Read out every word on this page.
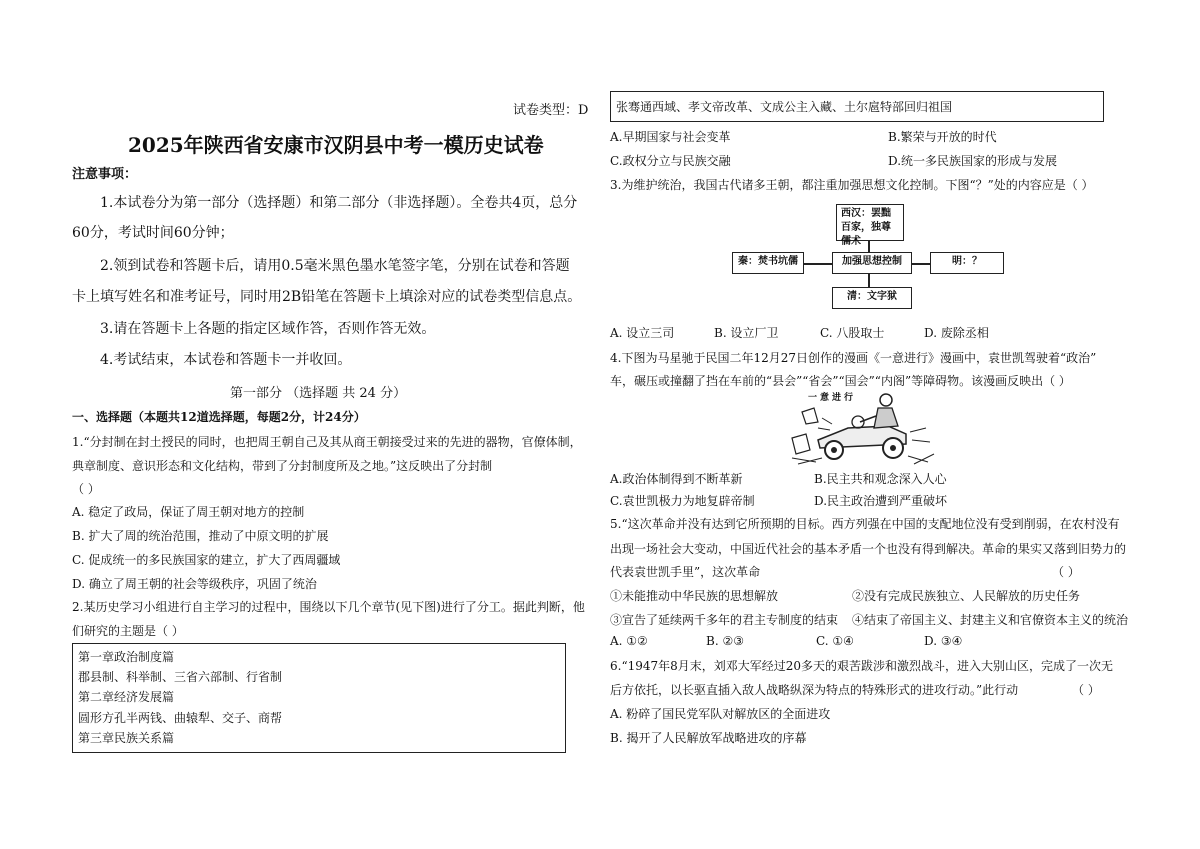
试卷类型：D
2025年陕西省安康市汉阴县中考一模历史试卷
注意事项：
1.本试卷分为第一部分（选择题）和第二部分（非选择题）。全卷共4页，总分
60分，考试时间60分钟；
2.领到试卷和答题卡后，请用0.5毫米黑色墨水笔签字笔，分别在试卷和答题
卡上填写姓名和准考证号，同时用2B铅笔在答题卡上填涂对应的试卷类型信息点。
3.请在答题卡上各题的指定区域作答，否则作答无效。
4.考试结束，本试卷和答题卡一并收回。
第一部分 （选择题 共 24 分）
一、选择题（本题共12道选择题，每题2分，计24分）
1.“分封制在封土授民的同时，也把周王朝自己及其从商王朝接受过来的先进的器物，官僚体制，
典章制度、意识形态和文化结构，带到了分封制度所及之地。”这反映出了分封制
（ ）
A. 稳定了政局，保证了周王朝对地方的控制
B. 扩大了周的统治范围，推动了中原文明的扩展
C. 促成统一的多民族国家的建立，扩大了西周疆域
D. 确立了周王朝的社会等级秩序，巩固了统治
2.某历史学习小组进行自主学习的过程中，围绕以下几个章节(见下图)进行了分工。据此判断，他
们研究的主题是（ ）
第一章政治制度篇
郡县制、科举制、三省六部制、行省制
第二章经济发展篇
圆形方孔半两钱、曲辕犁、交子、商帮
第三章民族关系篇
张骞通西域、孝文帝改革、文成公主入藏、土尔扈特部回归祖国
A.早期国家与社会变革	B.繁荣与开放的时代
C.政权分立与民族交融	D.统一多民族国家的形成与发展
3.为维护统治，我国古代诸多王朝，都注重加强思想文化控制。下图“？”处的内容应是（ ）
西汉：罢黜百家，独尊儒术
加强思想控制
秦：焚书坑儒	明：？
清：文字狱
A. 设立三司	B. 设立厂卫	C. 八股取士	D. 废除丞相
4.下图为马星驰于民国二年12月27日创作的漫画《一意进行》漫画中，袁世凯驾驶着“政治”
车，碾压或撞翻了挡在车前的“县会”“省会”“国会”“内阁”等障碍物。该漫画反映出（ ）
一意进行
A.政治体制得到不断革新	B.民主共和观念深入人心
C.袁世凯极力为地复辟帝制	D.民主政治遭到严重破坏
5.“这次革命并没有达到它所预期的目标。西方列强在中国的支配地位没有受到削弱，在农村没有
出现一场社会大变动，中国近代社会的基本矛盾一个也没有得到解决。革命的果实又落到旧势力的
代表袁世凯手里”，这次革命	（ ）
①未能推动中华民族的思想解放	②没有完成民族独立、人民解放的历史任务
③宣告了延续两千多年的君主专制度的结束 ④结束了帝国主义、封建主义和官僚资本主义的统治
A. ①②	B. ②③	C. ①④	D. ③④
6.“1947年8月末，刘邓大军经过20多天的艰苦跋涉和激烈战斗，进入大别山区，完成了一次无
后方依托，以长驱直插入敌人战略纵深为特点的特殊形式的进攻行动。”此行动	（ ）
A. 粉碎了国民党军队对解放区的全面进攻
B. 揭开了人民解放军战略进攻的序幕
